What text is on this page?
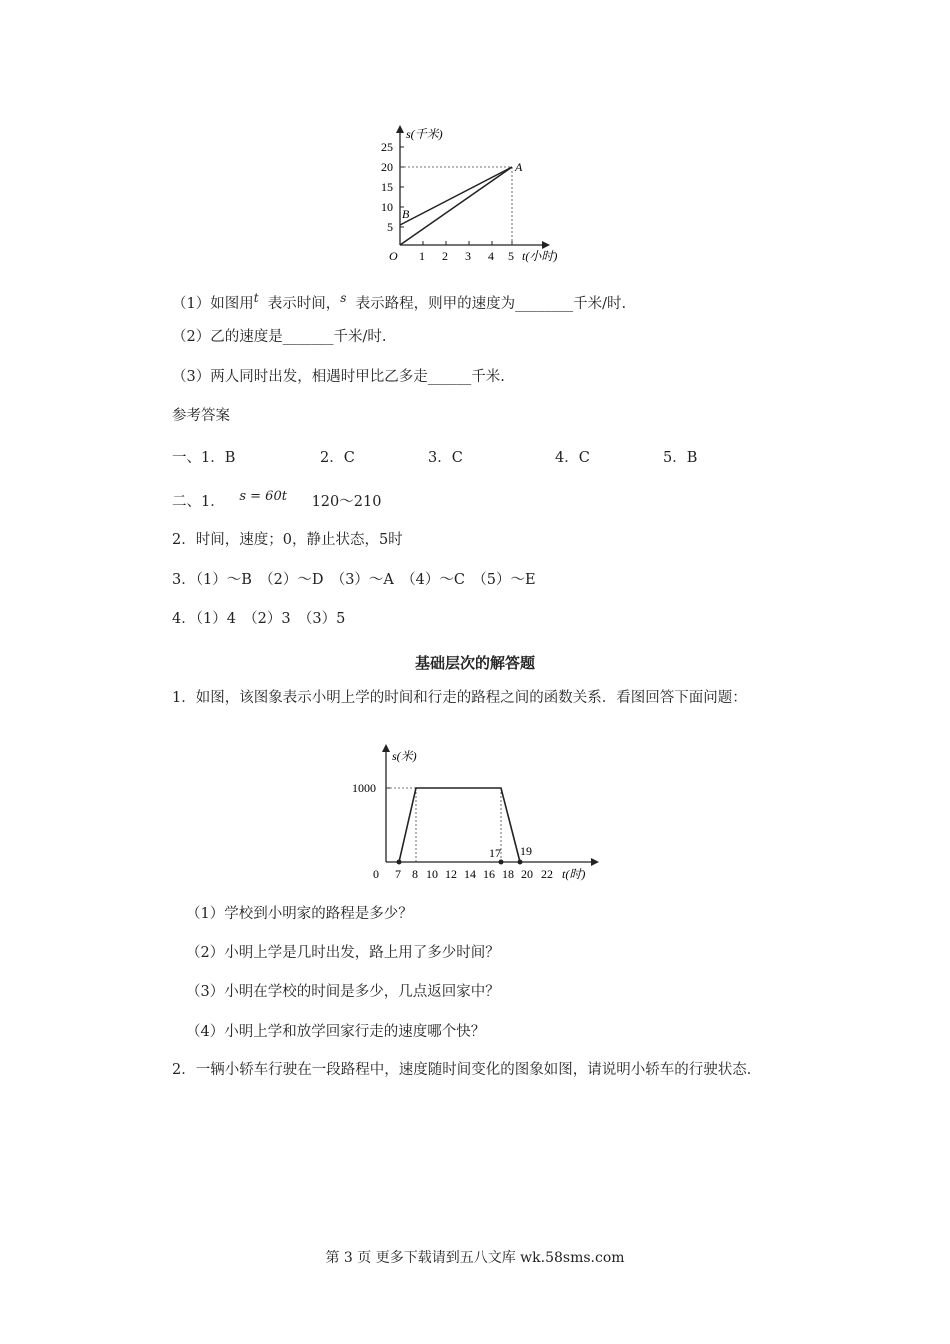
s(千米)
25
20
15
10
5
O 1 2 3 4 5 t(小时)
A
B
（1）如图用$^t$ 表示时间，$^s$ 表示路程，则甲的速度为________千米/时.
（2）乙的速度是_______千米/时.
（3）两人同时出发，相遇时甲比乙多走______千米.
参考答案
一、1．B	2．C	3．C	4．C	5．B
二、1． s = 60t 120～210
2．时间，速度；0，静止状态，5时
3．（1）～B　（2）～D　（3）～A　（4）～C　（5）～E
4．（1）4　（2）3　（3）5
基础层次的解答题
1．如图，该图象表示小明上学的时间和行走的路程之间的函数关系．看图回答下面问题：
s(米)
1000
17 19
0 7 8 10 12 14 16 18 20 22 t(时)
（1）学校到小明家的路程是多少？
（2）小明上学是几时出发，路上用了多少时间？
（3）小明在学校的时间是多少，几点返回家中？
（4）小明上学和放学回家行走的速度哪个快？
2．一辆小轿车行驶在一段路程中，速度随时间变化的图象如图，请说明小轿车的行驶状态．
第 3 页 更多下载请到五八文库 wk.58sms.com
